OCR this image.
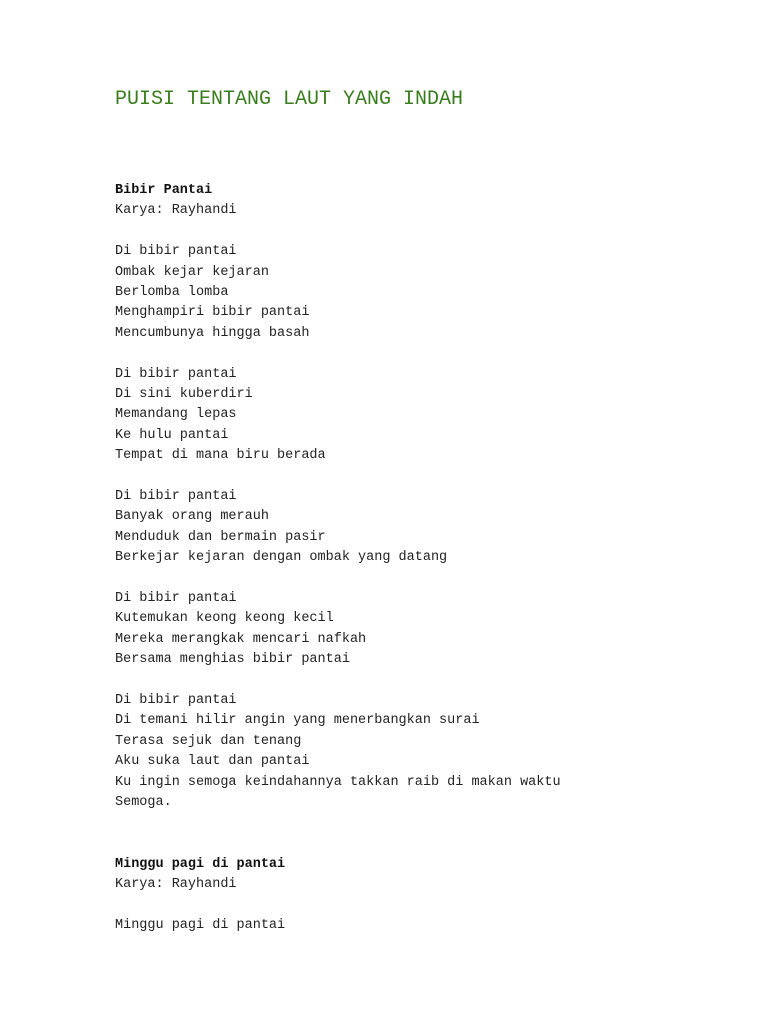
PUISI TENTANG LAUT YANG INDAH
Bibir Pantai
Karya: Rayhandi
Di bibir pantai
Ombak kejar kejaran
Berlomba lomba
Menghampiri bibir pantai
Mencumbunya hingga basah
Di bibir pantai
Di sini kuberdiri
Memandang lepas
Ke hulu pantai
Tempat di mana biru berada
Di bibir pantai
Banyak orang merauh
Menduduk dan bermain pasir
Berkejar kejaran dengan ombak yang datang
Di bibir pantai
Kutemukan keong keong kecil
Mereka merangkak mencari nafkah
Bersama menghias bibir pantai
Di bibir pantai
Di temani hilir angin yang menerbangkan surai
Terasa sejuk dan tenang
Aku suka laut dan pantai
Ku ingin semoga keindahannya takkan raib di makan waktu
Semoga.
Minggu pagi di pantai
Karya: Rayhandi
Minggu pagi di pantai
